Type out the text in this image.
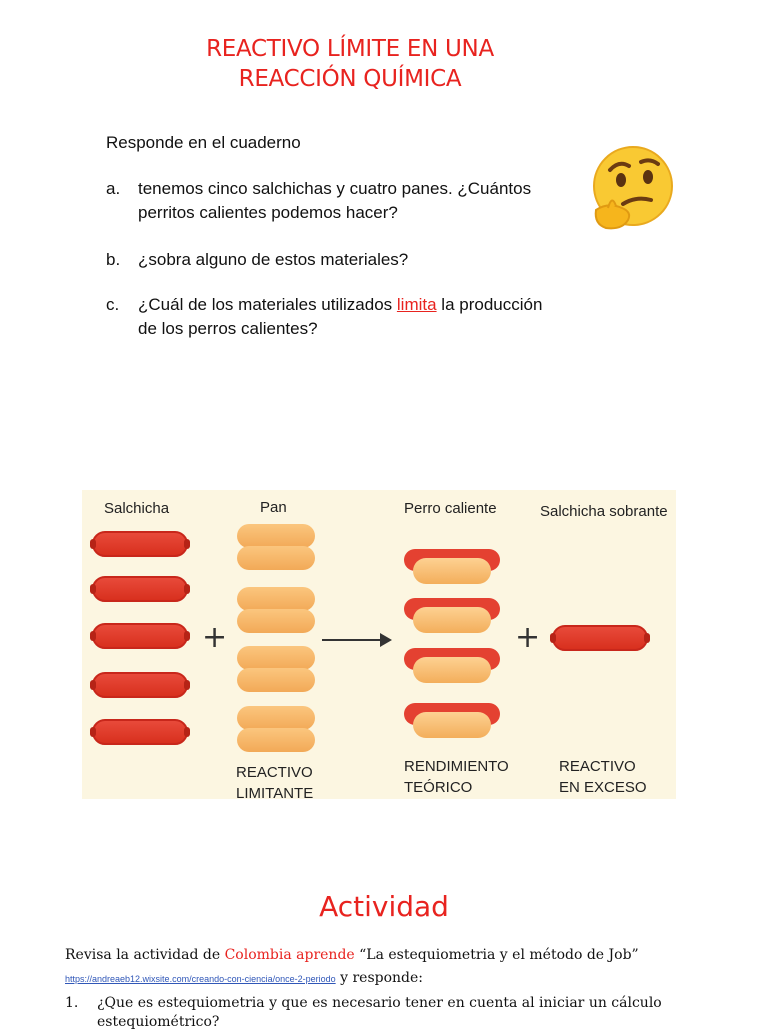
REACTIVO LÍMITE EN UNA
REACCIÓN QUÍMICA
Responde en el cuaderno
a. tenemos cinco salchichas y cuatro panes. ¿Cuántos
perritos calientes podemos hacer?
b. ¿sobra alguno de estos materiales?
c. ¿Cuál de los materiales utilizados limita la producción
de los perros calientes?
Salchicha	Pan	Perro caliente	Salchicha sobrante
+	+
REACTIVO
LIMITANTE
RENDIMIENTO
TEÓRICO
REACTIVO
EN EXCESO
Actividad
Revisa la actividad de Colombia aprende “La estequiometria y el método de Job”
https://andreaeb12.wixsite.com/creando-con-ciencia/once-2-periodo y responde:
1. ¿Que es estequiometria y que es necesario tener en cuenta al iniciar un cálculo estequiométrico?
